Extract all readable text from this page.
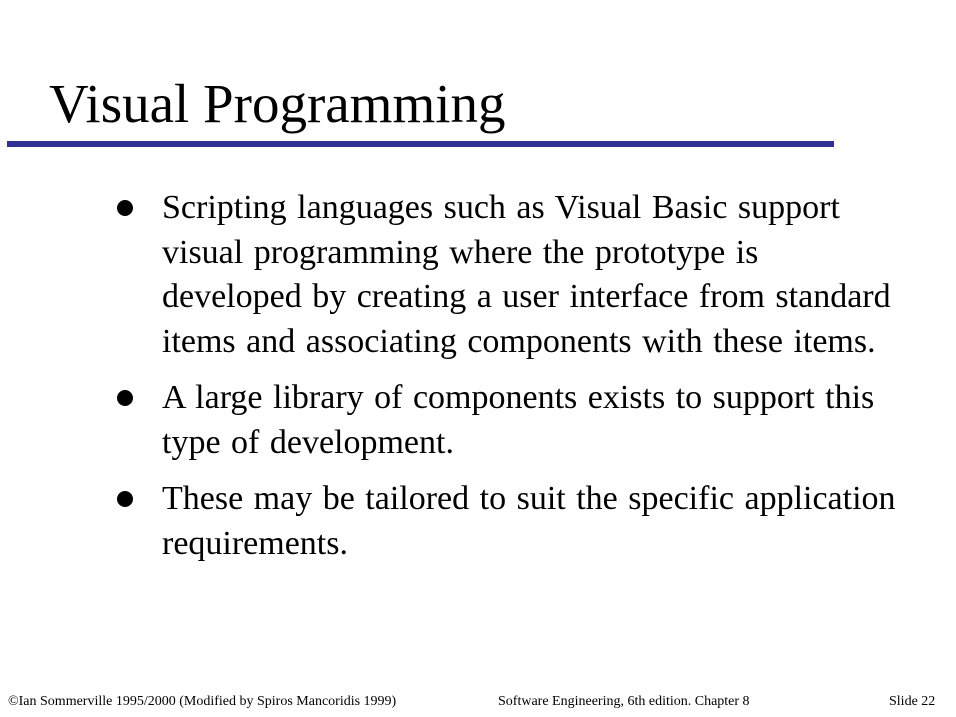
Visual Programming
Scripting languages such as Visual Basic support visual programming where the prototype is developed by creating a user interface from standard items and associating components with these items.
A large library of components exists to support this type of development.
These may be tailored to suit the specific application requirements.
©Ian Sommerville 1995/2000 (Modified by Spiros Mancoridis 1999)	Software Engineering, 6th edition. Chapter 8	Slide 22
